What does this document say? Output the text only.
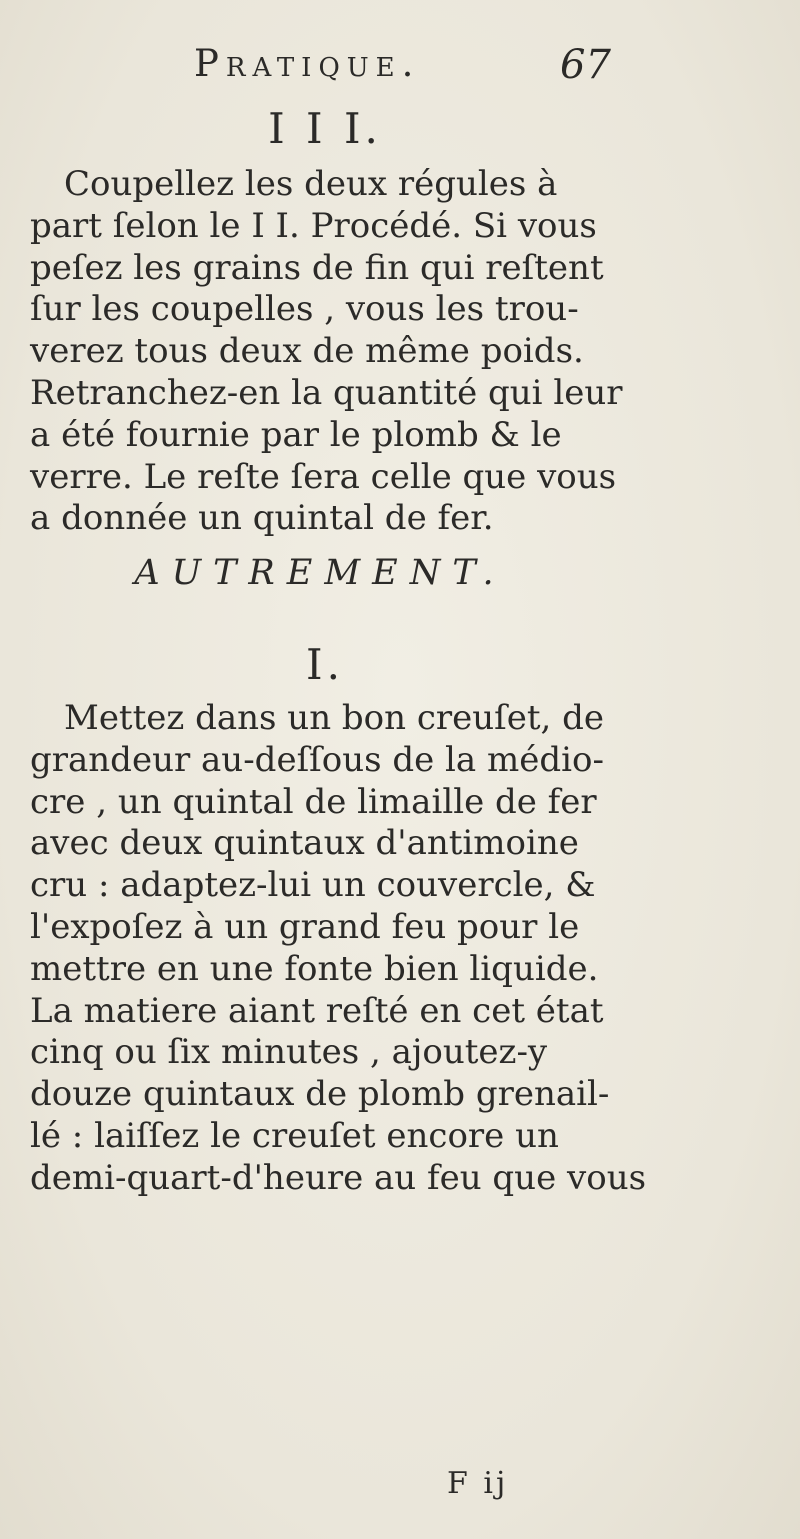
Pratique.	67
I I I.
Coupellez les deux régules à
part ſelon le I I. Procédé. Si vous
peſez les grains de fin qui reſtent
ſur les coupelles , vous les trou-
verez tous deux de même poids.
Retranchez-en la quantité qui leur
a été fournie par le plomb & le
verre. Le reſte ſera celle que vous
a donnée un quintal de fer.
AUTREMENT.
I.
Mettez dans un bon creuſet, de
grandeur au-deſſous de la médio-
cre , un quintal de limaille de fer
avec deux quintaux d'antimoine
cru : adaptez-lui un couvercle, &
l'expoſez à un grand feu pour le
mettre en une fonte bien liquide.
La matiere aiant reſté en cet état
cinq ou ſix minutes , ajoutez-y
douze quintaux de plomb grenail-
lé : laiſſez le creuſet encore un
demi-quart-d'heure au feu que vous
F ij
